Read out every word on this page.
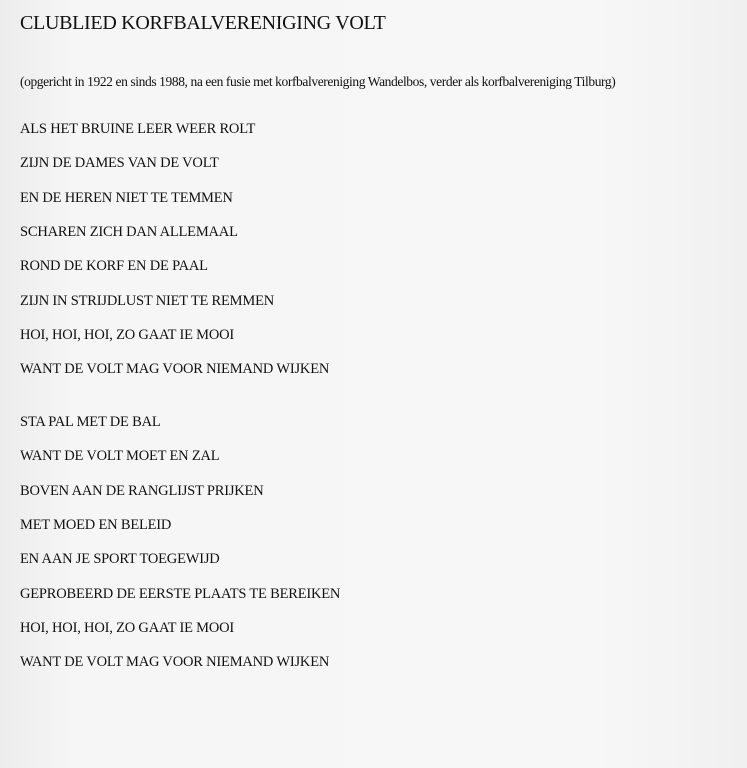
CLUBLIED KORFBALVERENIGING VOLT
(opgericht in 1922 en sinds 1988, na een fusie met korfbalvereniging Wandelbos, verder als korfbalvereniging Tilburg)
ALS HET BRUINE LEER WEER ROLT
ZIJN DE DAMES VAN DE VOLT
EN DE HEREN NIET TE TEMMEN
SCHAREN ZICH DAN ALLEMAAL
ROND DE KORF EN DE PAAL
ZIJN IN STRIJDLUST NIET TE REMMEN
HOI, HOI, HOI, ZO GAAT IE MOOI
WANT DE VOLT MAG VOOR NIEMAND WIJKEN
STA PAL MET DE BAL
WANT DE VOLT MOET EN ZAL
BOVEN AAN DE RANGLIJST PRIJKEN
MET MOED EN BELEID
EN AAN JE SPORT TOEGEWIJD
GEPROBEERD DE EERSTE PLAATS TE BEREIKEN
HOI, HOI, HOI, ZO GAAT IE MOOI
WANT DE VOLT MAG VOOR NIEMAND WIJKEN
